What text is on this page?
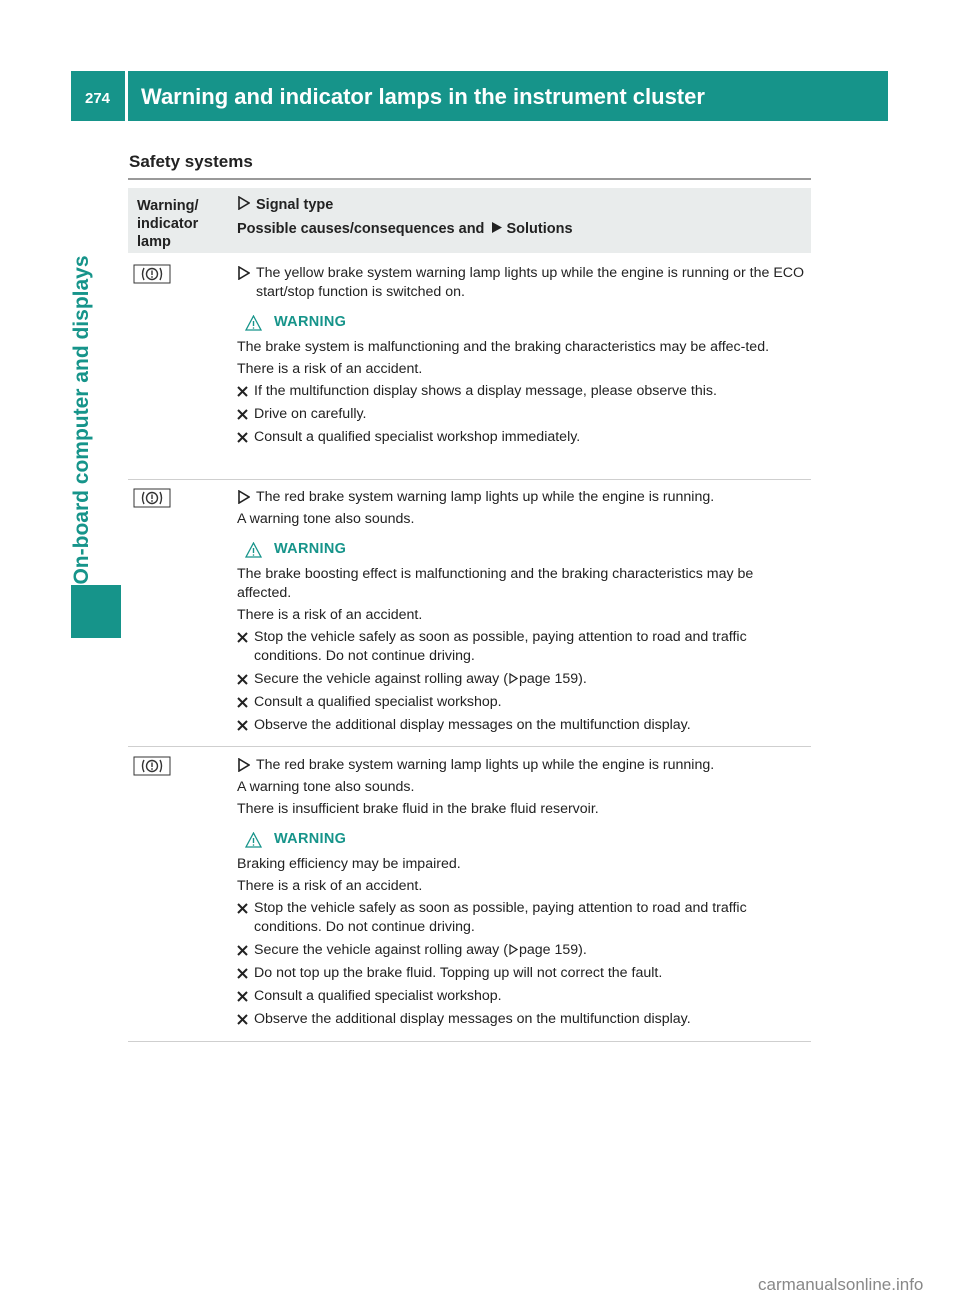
274 Warning and indicator lamps in the instrument cluster
On-board computer and displays
Safety systems
Warning/ indicator lamp
Signal type
Possible causes/consequences and Solutions
The yellow brake system warning lamp lights up while the engine is running or the ECO start/stop function is switched on.
WARNING
The brake system is malfunctioning and the braking characteristics may be affec-ted.
There is a risk of an accident.
If the multifunction display shows a display message, please observe this.
Drive on carefully.
Consult a qualified specialist workshop immediately.
The red brake system warning lamp lights up while the engine is running.
A warning tone also sounds.
WARNING
The brake boosting effect is malfunctioning and the braking characteristics may be affected.
There is a risk of an accident.
Stop the vehicle safely as soon as possible, paying attention to road and traffic conditions. Do not continue driving.
Secure the vehicle against rolling away ( page 159).
Consult a qualified specialist workshop.
Observe the additional display messages on the multifunction display.
The red brake system warning lamp lights up while the engine is running.
A warning tone also sounds.
There is insufficient brake fluid in the brake fluid reservoir.
WARNING
Braking efficiency may be impaired.
There is a risk of an accident.
Stop the vehicle safely as soon as possible, paying attention to road and traffic conditions. Do not continue driving.
Secure the vehicle against rolling away ( page 159).
Do not top up the brake fluid. Topping up will not correct the fault.
Consult a qualified specialist workshop.
Observe the additional display messages on the multifunction display.
carmanualsonline.info
